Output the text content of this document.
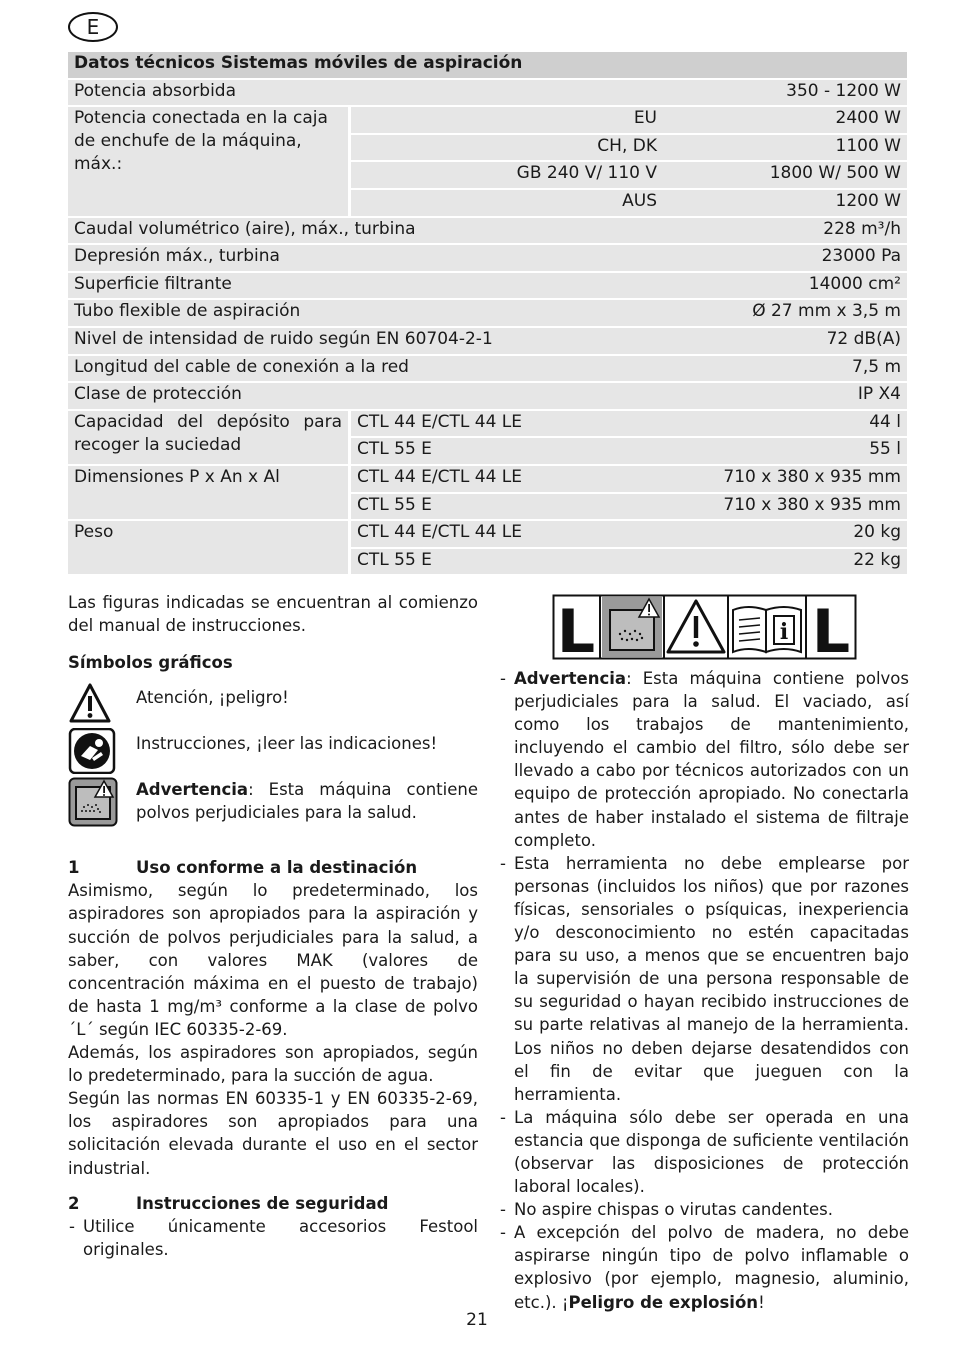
E
Datos técnicos Sistemas móviles de aspiración		
Potencia absorbida		350 - 1200 W
Potencia conectada en la caja de enchufe de la máquina, máx.:	EU	2400 W
	CH, DK	1100 W
	GB 240 V/ 110 V	1800 W/ 500 W
	AUS	1200 W
Caudal volumétrico (aire), máx., turbina		228 m³/h
Depresión máx., turbina		23000 Pa
Superficie filtrante		14000 cm²
Tubo flexible de aspiración		Ø 27 mm x 3,5 m
Nivel de intensidad de ruido según EN 60704-2-1		72 dB(A)
Longitud del cable de conexión a la red		7,5 m
Clase de protección		IP X4
Capacidad del depósito para recoger la suciedad	CTL 44 E/CTL 44 LE	44 l
	CTL 55 E	55 l
Dimensiones P x An x Al	CTL 44 E/CTL 44 LE	710 x 380 x 935 mm
	CTL 55 E	710 x 380 x 935 mm
Peso	CTL 44 E/CTL 44 LE	20 kg
	CTL 55 E	22 kg

Las figuras indicadas se encuentran al comienzo del manual de instrucciones.

Símbolos gráficos

Atención, ¡peligro!
Instrucciones, ¡leer las indicaciones!
Advertencia: Esta máquina contiene polvos perjudiciales para la salud.

1	Uso conforme a la destinación

Asimismo, según lo predeterminado, los aspiradores son apropiados para la aspiración y succión de polvos perjudiciales para la salud, a saber, con valores MAK (valores de concentración máxima en el puesto de trabajo) de hasta 1 mg/m³ conforme a la clase de polvo ´L´ según IEC 60335-2-69.

Además, los aspiradores son apropiados, según lo predeterminado, para la succión de agua.

Según las normas EN 60335-1 y EN 60335-2-69, los aspiradores son apropiados para una solicitación elevada durante el uso en el sector industrial.

2	Instrucciones de seguridad

- Utilice únicamente accesorios Festool originales.
L	i L
- Advertencia: Esta máquina contiene polvos perjudiciales para la salud. El vaciado, así como los trabajos de mantenimiento, incluyendo el cambio del filtro, sólo debe ser llevado a cabo por técnicos autorizados con un equipo de protección apropiado. No conectarla antes de haber instalado el sistema de filtraje completo.
- Esta herramienta no debe emplearse por personas (incluidos los niños) que por razones físicas, sensoriales o psíquicas, inexperiencia y/o desconocimiento no estén capacitadas para su uso, a menos que se encuentren bajo la supervisión de una persona responsable de su seguridad o hayan recibido instrucciones de su parte relativas al manejo de la herramienta. Los niños no deben dejarse desatendidos con el fin de evitar que jueguen con la herramienta.
- La máquina sólo debe ser operada en una estancia que disponga de suficiente ventilación (observar las disposiciones de protección laboral locales).
- No aspire chispas o virutas candentes.
- A excepción del polvo de madera, no debe aspirarse ningún tipo de polvo inflamable o explosivo (por ejemplo, magnesio, aluminio, etc.). ¡Peligro de explosión!
21
